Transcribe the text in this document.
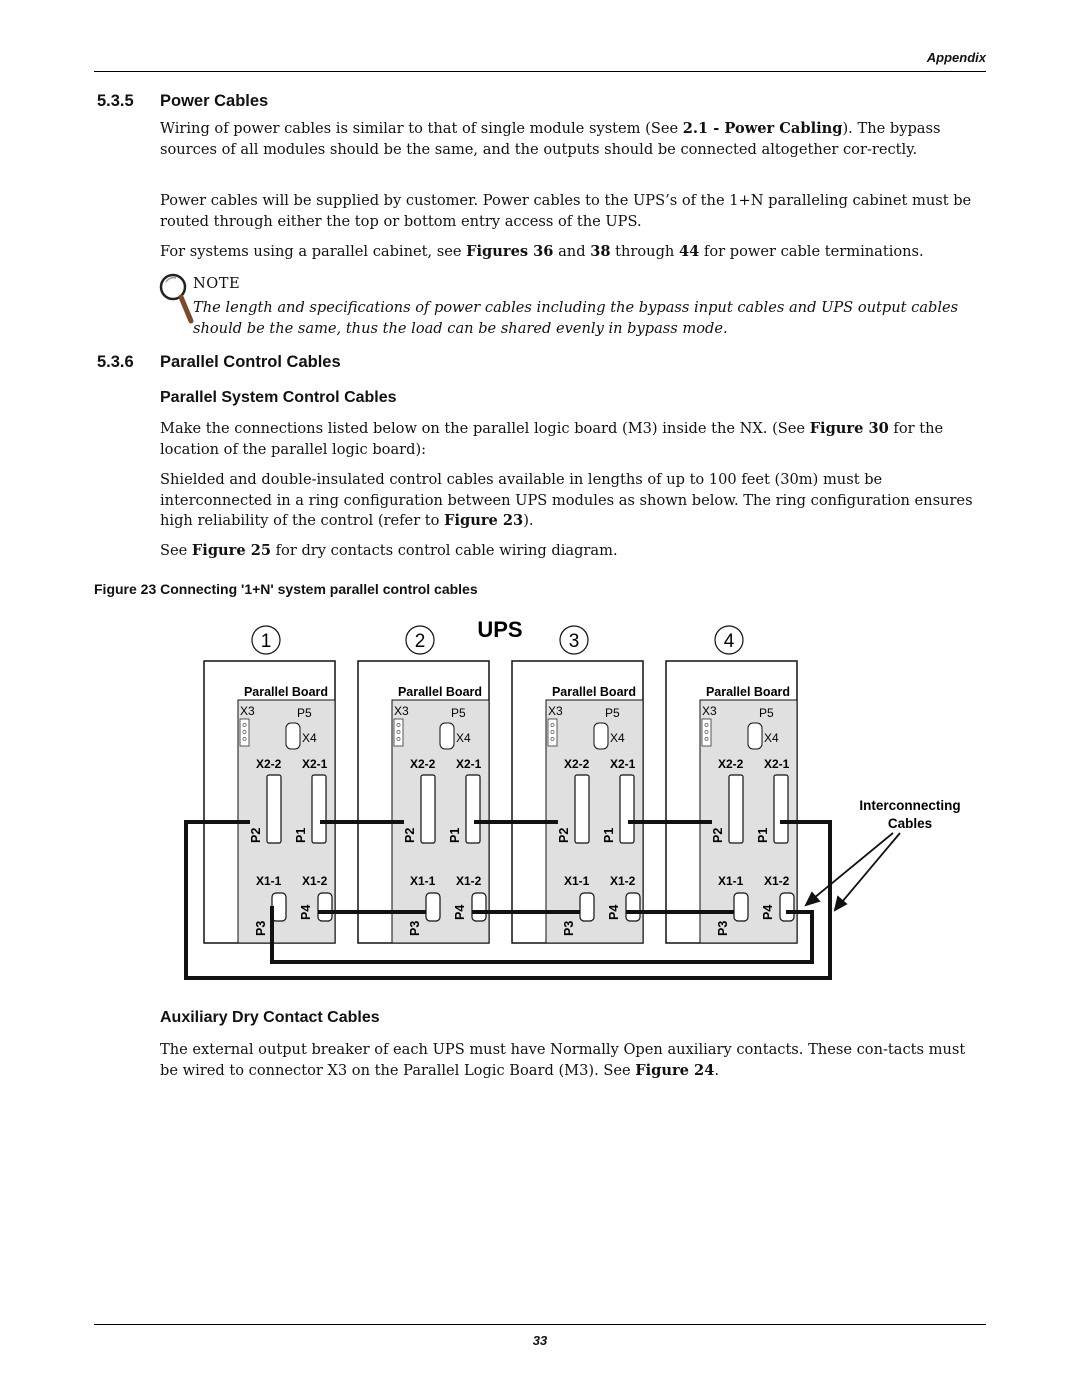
Appendix
5.3.5 Power Cables

Wiring of power cables is similar to that of single module system (See 2.1 - Power Cabling). The bypass sources of all modules should be the same, and the outputs should be connected altogether cor-rectly.

Power cables will be supplied by customer. Power cables to the UPS’s of the 1+N paralleling cabinet must be routed through either the top or bottom entry access of the UPS.

For systems using a parallel cabinet, see Figures 36 and 38 through 44 for power cable terminations.

NOTE

The length and specifications of power cables including the bypass input cables and UPS output cables should be the same, thus the load can be shared evenly in bypass mode.

5.3.6 Parallel Control Cables
Parallel System Control Cables

Make the connections listed below on the parallel logic board (M3) inside the NX. (See Figure 30 for the location of the parallel logic board):

Shielded and double-insulated control cables available in lengths of up to 100 feet (30m) must be interconnected in a ring configuration between UPS modules as shown below. The ring configuration ensures high reliability of the control (refer to Figure 23).

See Figure 25 for dry contacts control cable wiring diagram.

Figure 23 Connecting '1+N' system parallel control cables
UPS
1
Parallel Board
X3	P5
X4
X2-2 X2-1
P2 P1
X1-1 X1-2
P3
P4
2
Parallel Board
X3	P5
X4
X2-2 X2-1
P2 P1
X1-1 X1-2
P3
P4
3
Parallel Board
X3	P5
X4
X2-2 X2-1
P2 P1
X1-1 X1-2
P3
P4
4
Parallel Board
X3	P5
X4
X2-2 X2-1
P2 P1
X1-1 X1-2
P3
P4
Interconnecting
Cables
Auxiliary Dry Contact Cables

The external output breaker of each UPS must have Normally Open auxiliary contacts. These con-tacts must be wired to connector X3 on the Parallel Logic Board (M3). See Figure 24.

33
